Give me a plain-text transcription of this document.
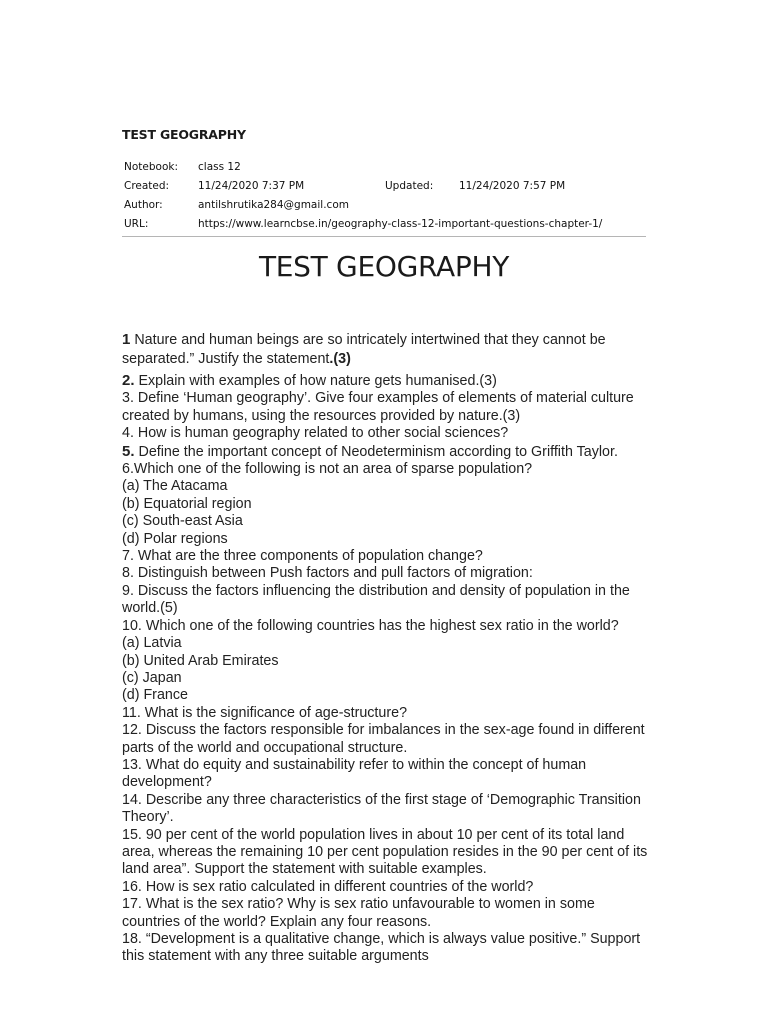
TEST GEOGRAPHY
Notebook: class 12
Created:	11/24/2020 7:37 PM	Updated: 11/24/2020 7:57 PM
Author:	antilshrutika284@gmail.com
URL:	https://www.learncbse.in/geography-class-12-important-questions-chapter-1/
TEST GEOGRAPHY

1 Nature and human beings are so intricately intertwined that they cannot be separated.” Justify the statement.(3)

2. Explain with examples of how nature gets humanised.(3)

3. Define ‘Human geography’. Give four examples of elements of material culture created by humans, using the resources provided by nature.(3)

4. How is human geography related to other social sciences?

5. Define the important concept of Neodeterminism according to Griffith Taylor.

6.Which one of the following is not an area of sparse population?

(a) The Atacama

(b) Equatorial region

(c) South-east Asia

(d) Polar regions

7. What are the three components of population change?

8. Distinguish between Push factors and pull factors of migration:

9. Discuss the factors influencing the distribution and density of population in the world.(5)

10. Which one of the following countries has the highest sex ratio in the world?

(a) Latvia

(b) United Arab Emirates

(c) Japan

(d) France

11. What is the significance of age-structure?

12. Discuss the factors responsible for imbalances in the sex-age found in different parts of the world and occupational structure.

13. What do equity and sustainability refer to within the concept of human development?

14. Describe any three characteristics of the first stage of ‘Demographic Transition Theory’.

15. 90 per cent of the world population lives in about 10 per cent of its total land area, whereas the remaining 10 per cent population resides in the 90 per cent of its land area”. Support the statement with suitable examples.

16. How is sex ratio calculated in different countries of the world?

17. What is the sex ratio? Why is sex ratio unfavourable to women in some countries of the world? Explain any four reasons.

18. “Development is a qualitative change, which is always value positive.” Support this statement with any three suitable arguments
